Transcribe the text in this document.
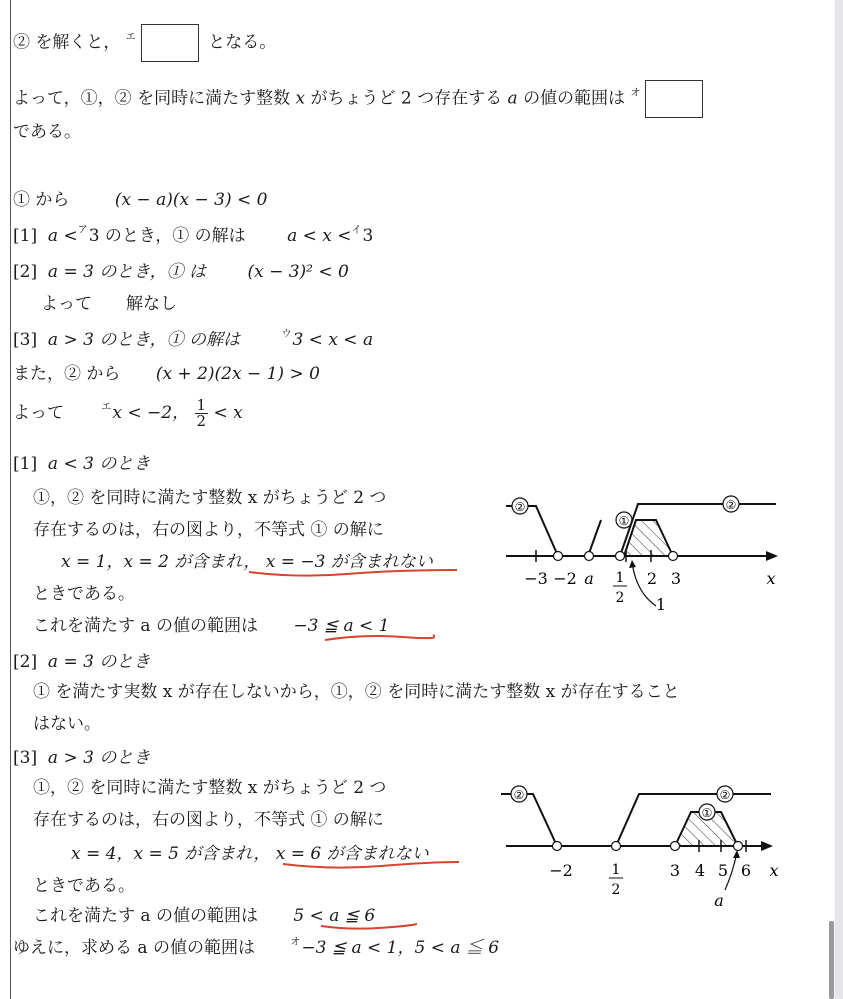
② を解くと， $^エ$	となる。
よって，①，② を同時に満たす整数 x がちょうど 2 つ存在する a の値の範囲は $^オ$
である。
① から	(x − a)(x − 3) < 0
[1] a <$^ア$3 のとき，① の解は a < x <$^イ$3
[2] a = 3 のとき，① は (x − 3)² < 0
よって　　解なし
[3] a > 3 のとき，① の解は	$^ウ$3 < x < a
また，② から (x + 2)(2x − 1) > 0
よって	$^エ$x < −2， $\frac{1}{2} < x$
[1] a < 3 のとき
①，② を同時に満たす整数 x がちょうど 2 つ
存在するのは，右の図より，不等式 ① の解に
x = 1，x = 2 が含まれ， x = −3 が含まれない
ときである。
これを満たす a の値の範囲は −3 ≦ a < 1
②
①
②
−3 −2 a 1
2
2 3	x
1
[2] a = 3 のとき
① を満たす実数 x が存在しないから，①，② を同時に満たす整数 x が存在すること
はない。
[3] a > 3 のとき
①，② を同時に満たす整数 x がちょうど 2 つ
存在するのは，右の図より，不等式 ① の解に
x = 4，x = 5 が含まれ， x = 6 が含まれない
ときである。
これを満たす a の値の範囲は 5 < a ≦ 6
②	②
①
−2	1
2
3 4 5 6 x
a
ゆえに，求める a の値の範囲は	$^オ$−3 ≦ a < 1，5 < a ≦ 6
